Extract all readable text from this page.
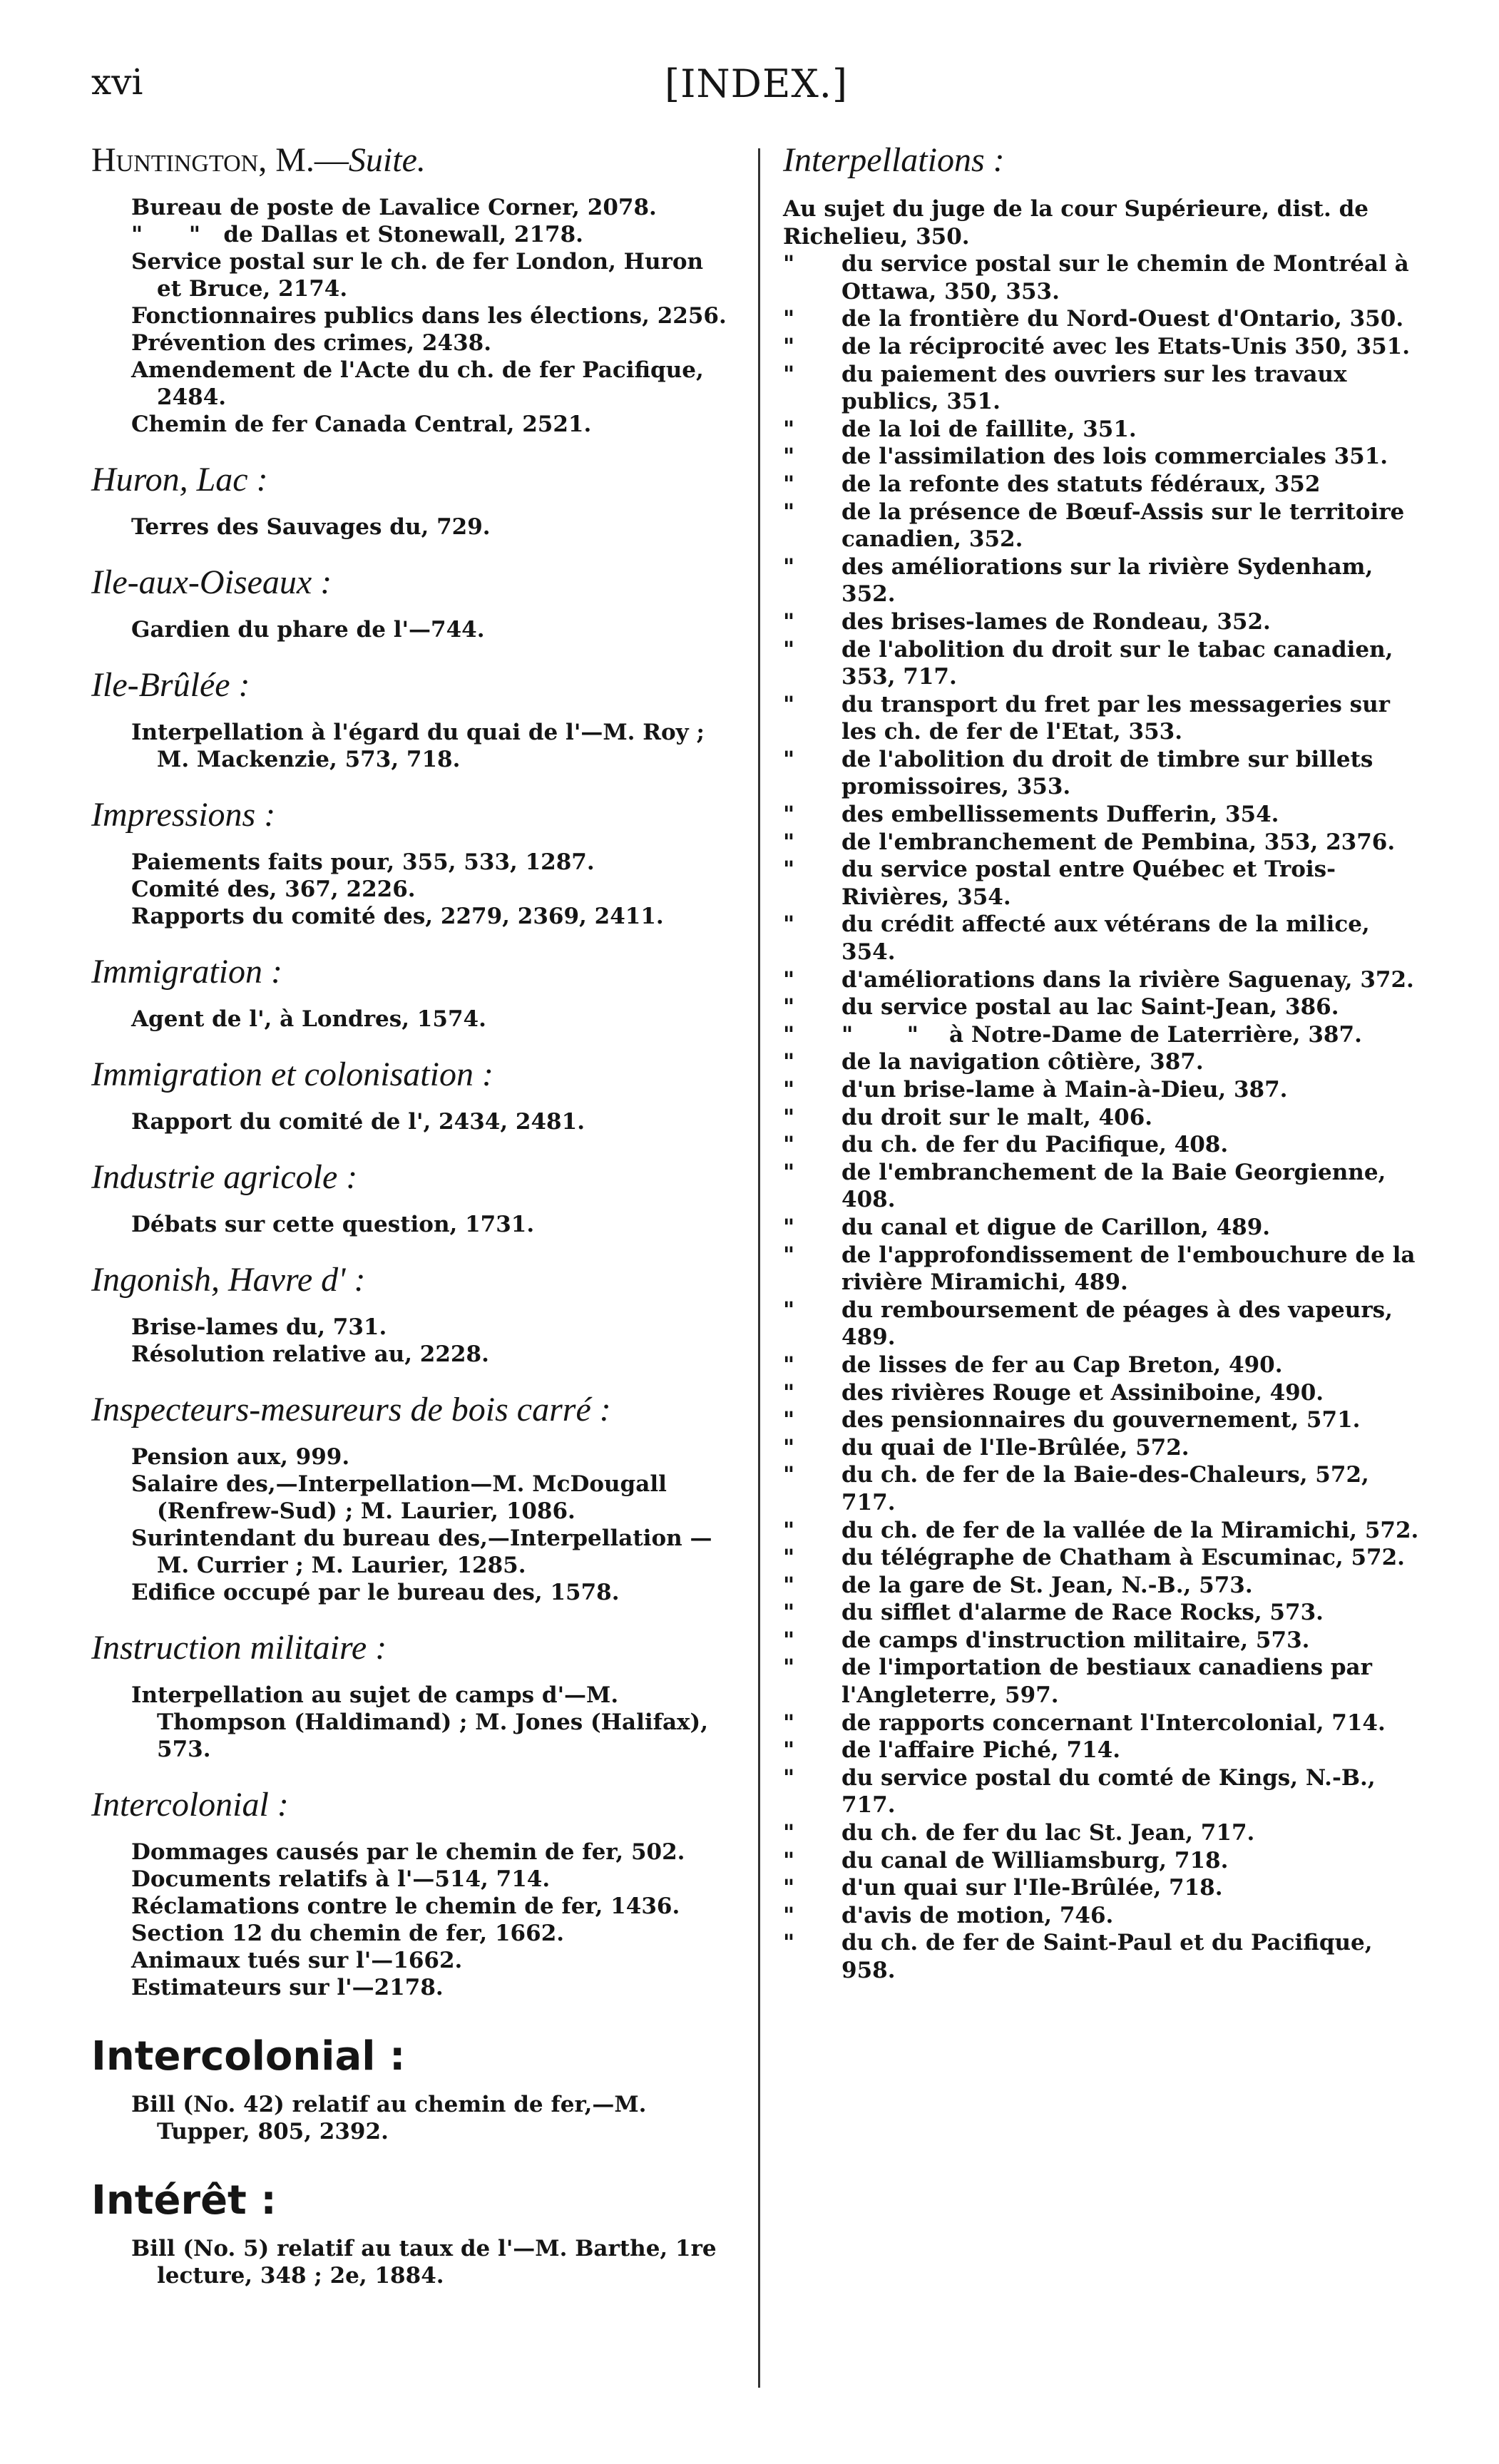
xvi	[INDEX.]
Huntington, M.—Suite.
Bureau de poste de Lavalice Corner, 2078.
"      "   de Dallas et Stonewall, 2178.
Service postal sur le ch. de fer London, Huron et Bruce, 2174.
Fonctionnaires publics dans les élections, 2256.
Prévention des crimes, 2438.
Amendement de l'Acte du ch. de fer Pacifique, 2484.
Chemin de fer Canada Central, 2521.
Huron, Lac :
Terres des Sauvages du, 729.
Ile-aux-Oiseaux :
Gardien du phare de l'—744.
Ile-Brûlée :
Interpellation à l'égard du quai de l'—M. Roy ; M. Mackenzie, 573, 718.
Impressions :
Paiements faits pour, 355, 533, 1287.
Comité des, 367, 2226.
Rapports du comité des, 2279, 2369, 2411.
Immigration :
Agent de l', à Londres, 1574.
Immigration et colonisation :
Rapport du comité de l', 2434, 2481.
Industrie agricole :
Débats sur cette question, 1731.
Ingonish, Havre d' :
Brise-lames du, 731.
Résolution relative au, 2228.
Inspecteurs-mesureurs de bois carré :
Pension aux, 999.
Salaire des,—Interpellation—M. McDougall (Renfrew-Sud) ; M. Laurier, 1086.
Surintendant du bureau des,—Interpellation —M. Currier ; M. Laurier, 1285.
Edifice occupé par le bureau des, 1578.
Instruction militaire :
Interpellation au sujet de camps d'—M. Thompson (Haldimand) ; M. Jones (Halifax), 573.
Intercolonial :
Dommages causés par le chemin de fer, 502.
Documents relatifs à l'—514, 714.
Réclamations contre le chemin de fer, 1436.
Section 12 du chemin de fer, 1662.
Animaux tués sur l'—1662.
Estimateurs sur l'—2178.
Intercolonial :
Bill (No. 42) relatif au chemin de fer,—M. Tupper, 805, 2392.
Intérêt :
Bill (No. 5) relatif au taux de l'—M. Barthe, 1re lecture, 348 ; 2e, 1884.
Interpellations :
Au sujet du juge de la cour Supérieure, dist. de Richelieu, 350.
" du service postal sur le chemin de Montréal à Ottawa, 350, 353.
" de la frontière du Nord-Ouest d'Ontario, 350.
" de la réciprocité avec les Etats-Unis 350, 351.
" du paiement des ouvriers sur les travaux publics, 351.
" de la loi de faillite, 351.
" de l'assimilation des lois commerciales 351.
" de la refonte des statuts fédéraux, 352
" de la présence de Bœuf-Assis sur le territoire canadien, 352.
" des améliorations sur la rivière Sydenham, 352.
" des brises-lames de Rondeau, 352.
" de l'abolition du droit sur le tabac canadien, 353, 717.
" du transport du fret par les messageries sur les ch. de fer de l'Etat, 353.
" de l'abolition du droit de timbre sur billets promissoires, 353.
" des embellissements Dufferin, 354.
" de l'embranchement de Pembina, 353, 2376.
" du service postal entre Québec et Trois-Rivières, 354.
" du crédit affecté aux vétérans de la milice, 354.
" d'améliorations dans la rivière Saguenay, 372.
" du service postal au lac Saint-Jean, 386.
" "       "    à Notre-Dame de Laterrière, 387.
" de la navigation côtière, 387.
" d'un brise-lame à Main-à-Dieu, 387.
" du droit sur le malt, 406.
" du ch. de fer du Pacifique, 408.
" de l'embranchement de la Baie Georgienne, 408.
" du canal et digue de Carillon, 489.
" de l'approfondissement de l'embouchure de la rivière Miramichi, 489.
" du remboursement de péages à des vapeurs, 489.
" de lisses de fer au Cap Breton, 490.
" des rivières Rouge et Assiniboine, 490.
" des pensionnaires du gouvernement, 571.
" du quai de l'Ile-Brûlée, 572.
" du ch. de fer de la Baie-des-Chaleurs, 572, 717.
" du ch. de fer de la vallée de la Miramichi, 572.
" du télégraphe de Chatham à Escuminac, 572.
" de la gare de St. Jean, N.-B., 573.
" du sifflet d'alarme de Race Rocks, 573.
" de camps d'instruction militaire, 573.
" de l'importation de bestiaux canadiens par l'Angleterre, 597.
" de rapports concernant l'Intercolonial, 714.
" de l'affaire Piché, 714.
" du service postal du comté de Kings, N.-B., 717.
" du ch. de fer du lac St. Jean, 717.
" du canal de Williamsburg, 718.
" d'un quai sur l'Ile-Brûlée, 718.
" d'avis de motion, 746.
" du ch. de fer de Saint-Paul et du Pacifique, 958.
